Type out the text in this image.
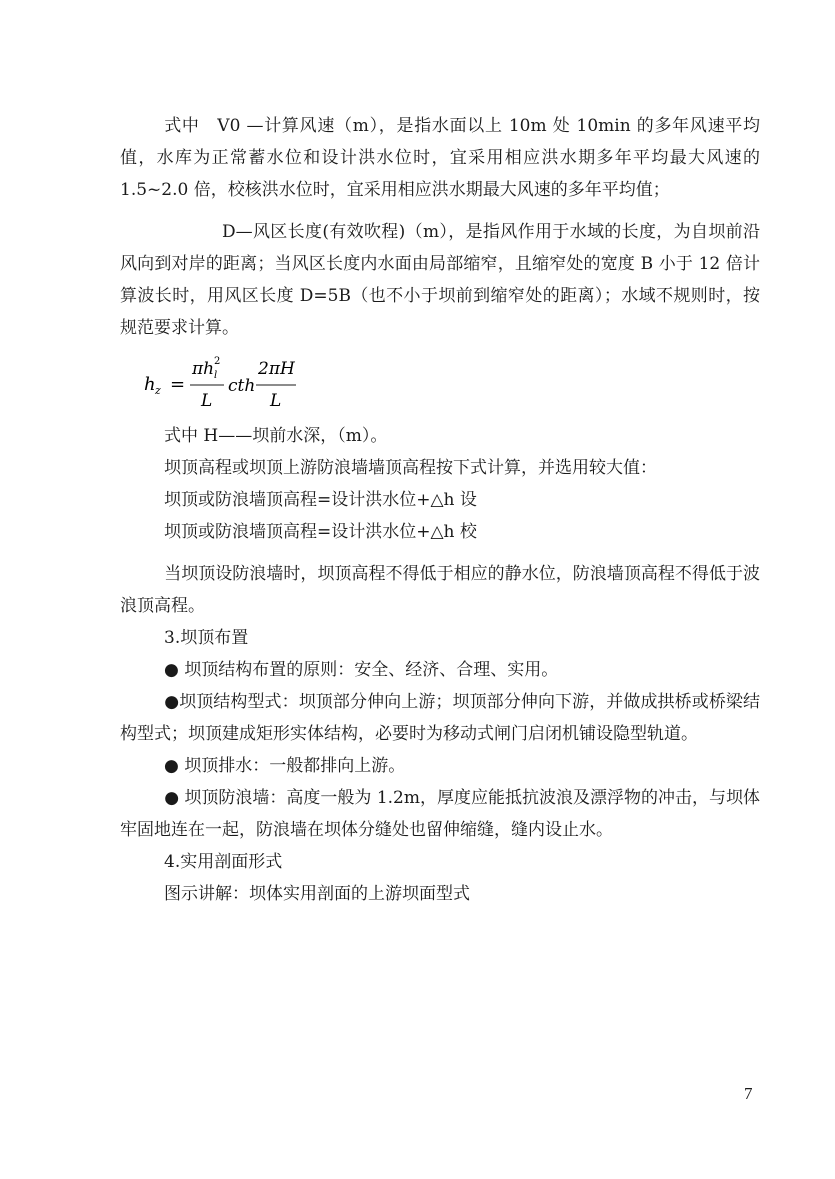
式中　V0 —计算风速（m），是指水面以上 10m 处 10min 的多年风速平均值，水库为正常蓄水位和设计洪水位时，宜采用相应洪水期多年平均最大风速的 1.5~2.0 倍，校核洪水位时，宜采用相应洪水期最大风速的多年平均值；

D—风区长度(有效吹程)（m），是指风作用于水域的长度，为自坝前沿风向到对岸的距离；当风区长度内水面由局部缩窄，且缩窄处的宽度 B 小于 12 倍计算波长时，用风区长度 D=5B（也不小于坝前到缩窄处的距离）；水域不规则时，按规范要求计算。

h z =
πh 2
l
L
cth
2πH
L

式中 H——坝前水深，（m）。

坝顶高程或坝顶上游防浪墙墙顶高程按下式计算，并选用较大值：

坝顶或防浪墙顶高程=设计洪水位+△h 设

坝顶或防浪墙顶高程=设计洪水位+△h 校

当坝顶设防浪墙时，坝顶高程不得低于相应的静水位，防浪墙顶高程不得低于波浪顶高程。

3.坝顶布置

● 坝顶结构布置的原则：安全、经济、合理、实用。

●坝顶结构型式：坝顶部分伸向上游；坝顶部分伸向下游，并做成拱桥或桥梁结构型式；坝顶建成矩形实体结构，必要时为移动式闸门启闭机铺设隐型轨道。

● 坝顶排水：一般都排向上游。

● 坝顶防浪墙：高度一般为 1.2m，厚度应能抵抗波浪及漂浮物的冲击，与坝体牢固地连在一起，防浪墙在坝体分缝处也留伸缩缝，缝内设止水。

4.实用剖面形式

图示讲解：坝体实用剖面的上游坝面型式

7
